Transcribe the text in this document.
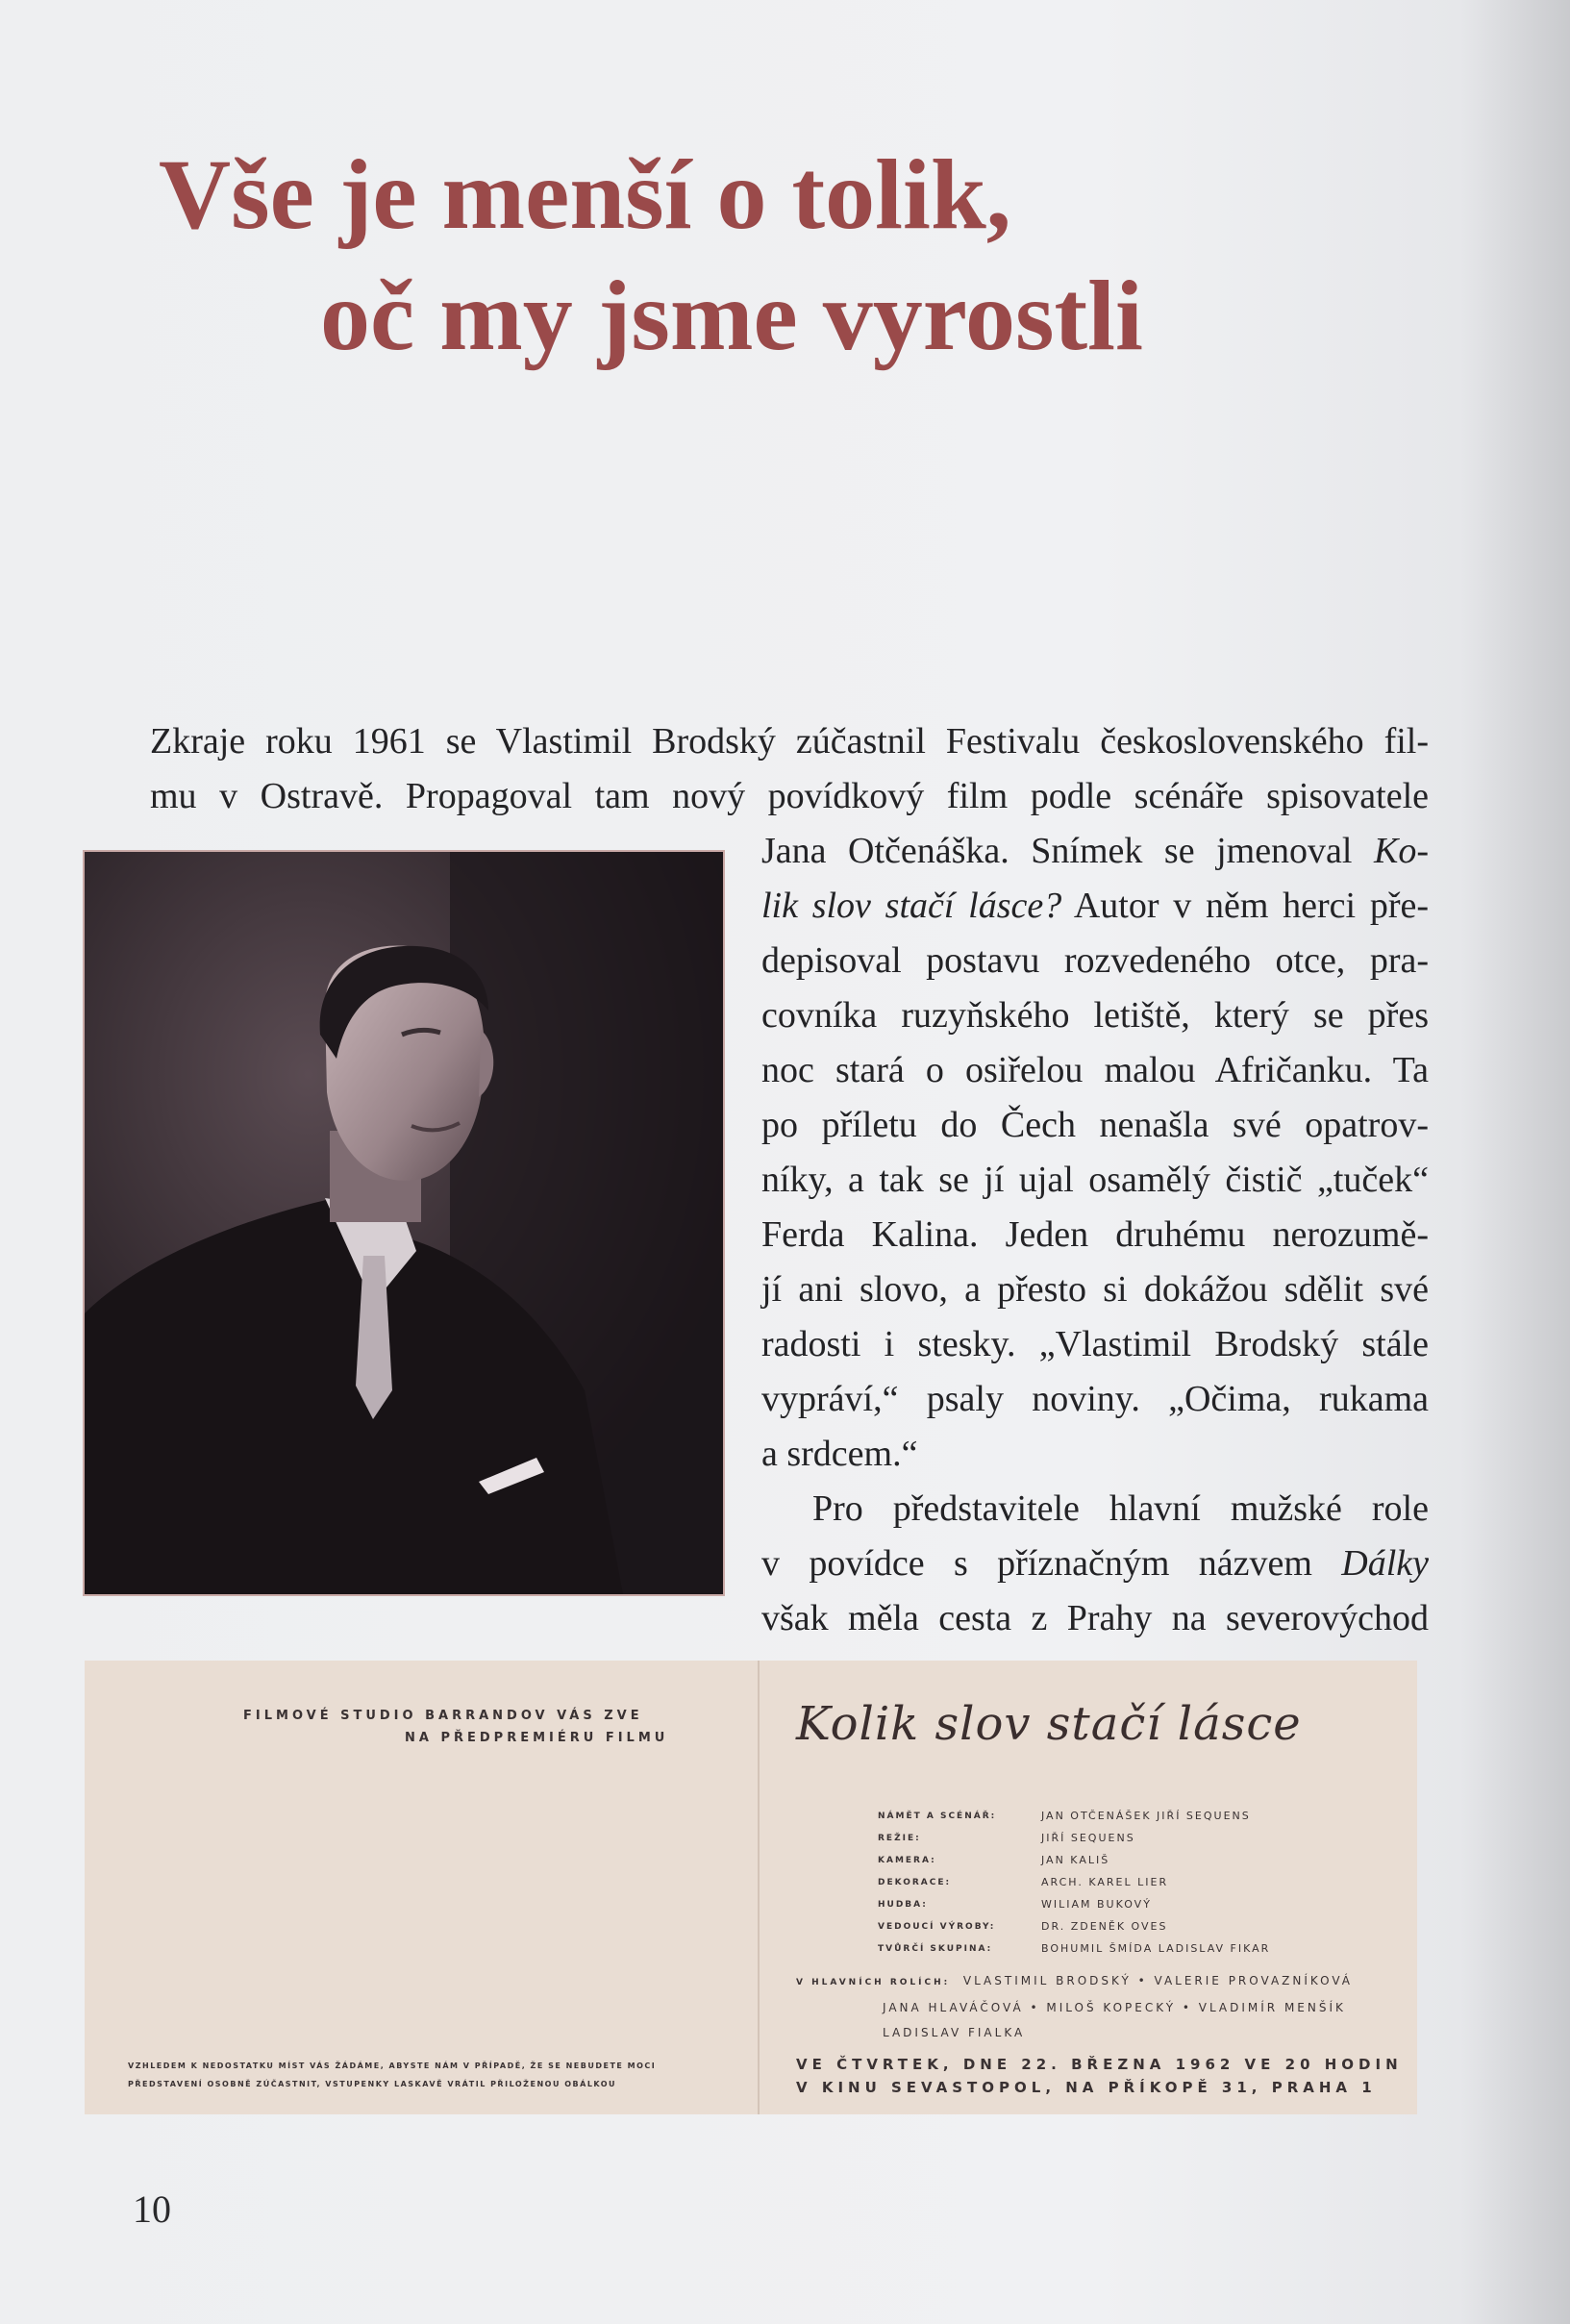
Vše je menší o tolik,
oč my jsme vyrostli
Zkraje roku 1961 se Vlastimil Brodský zúčastnil Festivalu československého fil-
mu v Ostravě. Propagoval tam nový povídkový film podle scénáře spisovatele
Jana Otčenáška. Snímek se jmenoval Ko-
lik slov stačí lásce? Autor v něm herci pře-
depisoval postavu rozvedeného otce, pra-
covníka ruzyňského letiště, který se přes
noc stará o osiřelou malou Afričanku. Ta
po příletu do Čech nenašla své opatrov-
níky, a tak se jí ujal osamělý čistič „tuček“
Ferda Kalina. Jeden druhému nerozumě-
jí ani slovo, a přesto si dokážou sdělit své
radosti i stesky. „Vlastimil Brodský stále
vypráví,“ psaly noviny. „Očima, rukama
a srdcem.“
Pro představitele hlavní mužské role
v povídce s příznačným názvem Dálky
však měla cesta z Prahy na severovýchod
FILMOVÉ STUDIO BARRANDOV VÁS ZVE
NA PŘEDPREMIÉRU FILMU	Kolik slov stačí lásce
NÁMĚT A SCÉNÁŘ:	JAN OTČENÁŠEK JIŘÍ SEQUENS
REŽIE:	JIŘÍ SEQUENS
KAMERA:	JAN KALIŠ
DEKORACE:	ARCH. KAREL LIER
HUDBA:	WILIAM BUKOVÝ
VEDOUCÍ VÝROBY:	DR. ZDENĚK OVES
TVŮRČÍ SKUPINA:	BOHUMIL ŠMÍDA LADISLAV FIKAR
V HLAVNÍCH ROLÍCH: VLASTIMIL BRODSKÝ • VALERIE PROVAZNÍKOVÁ
JANA HLAVÁČOVÁ • MILOŠ KOPECKÝ • VLADIMÍR MENŠÍK
LADISLAV FIALKA
VE ČTVRTEK, DNE 22. BŘEZNA 1962 VE 20 HODIN
V KINU SEVASTOPOL, NA PŘÍKOPĚ 31, PRAHA 1
VZHLEDEM K NEDOSTATKU MÍST VÁS ŽÁDÁME, ABYSTE NÁM V PŘÍPADĚ, ŽE SE NEBUDETE MOCI
PŘEDSTAVENÍ OSOBNĚ ZÚČASTNIT, VSTUPENKY LASKAVĚ VRÁTIL PŘILOŽENOU OBÁLKOU
10
